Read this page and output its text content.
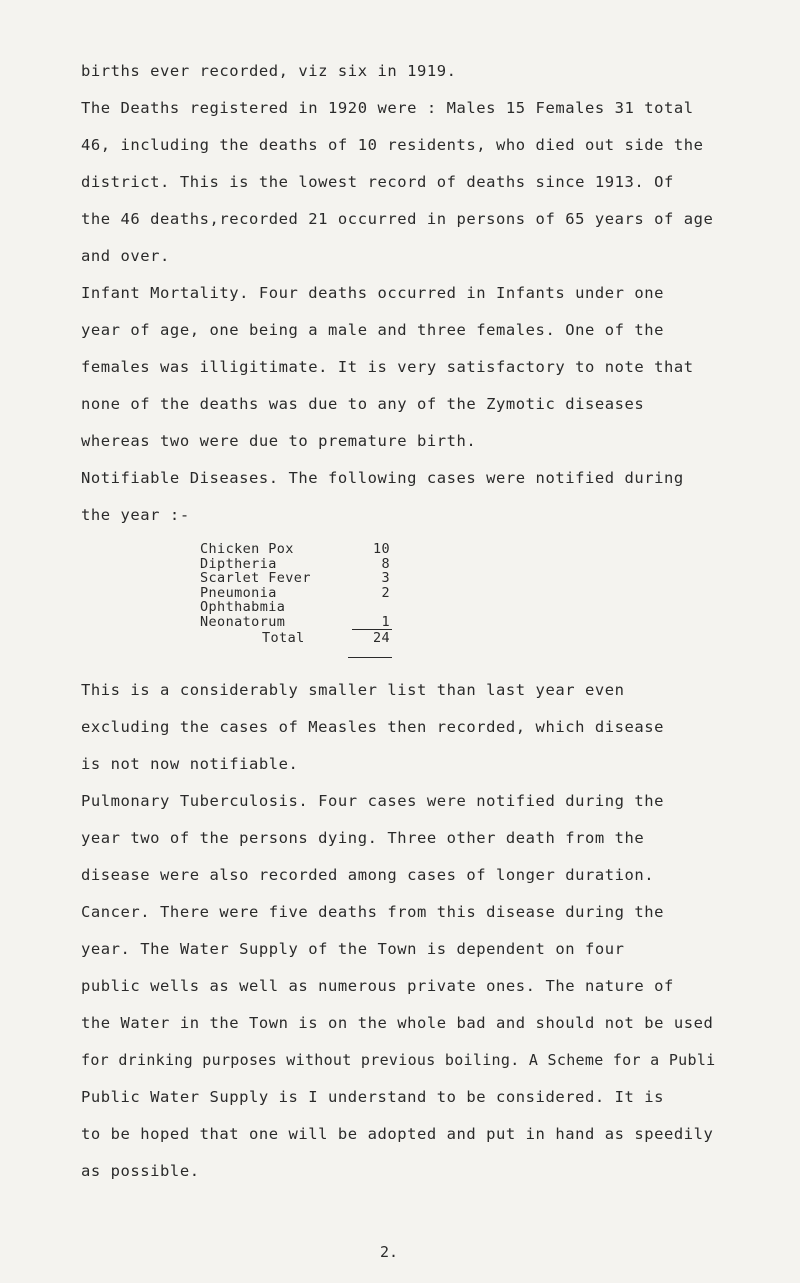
births ever recorded, viz six in 1919.
The Deaths registered in 1920 were : Males 15 Females 31 total
46, including the deaths of 10 residents, who died out side the
district. This is the lowest record of deaths since 1913. Of
the 46 deaths,recorded 21 occurred in persons of 65 years of age
and over.
Infant Mortality. Four deaths occurred in Infants under one
year of age, one being a male and three females. One of the
females was illigitimate. It is very satisfactory to note that
none of the deaths was due to any of the Zymotic diseases
whereas two were due to premature birth.
Notifiable Diseases. The following cases were notified during
the year :-
Chicken Pox	10
Diptheria	8
Scarlet Fever	3
Pneumonia	2
Ophthabmia
Neonatorum	1
Total	24
This is a considerably smaller list than last year even
excluding the cases of Measles then recorded, which disease
is not now notifiable.
Pulmonary Tuberculosis. Four cases were notified during the
year two of the persons dying. Three other death from the
disease were also recorded among cases of longer duration.
Cancer. There were five deaths from this disease during the
year. The Water Supply of the Town is dependent on four
public wells as well as numerous private ones. The nature of
the Water in the Town is on the whole bad and should not be used
for drinking purposes without previous boiling. A Scheme for a Publi
Public Water Supply is I understand to be considered. It is
to be hoped that one will be adopted and put in hand as speedily
as possible.
2.
